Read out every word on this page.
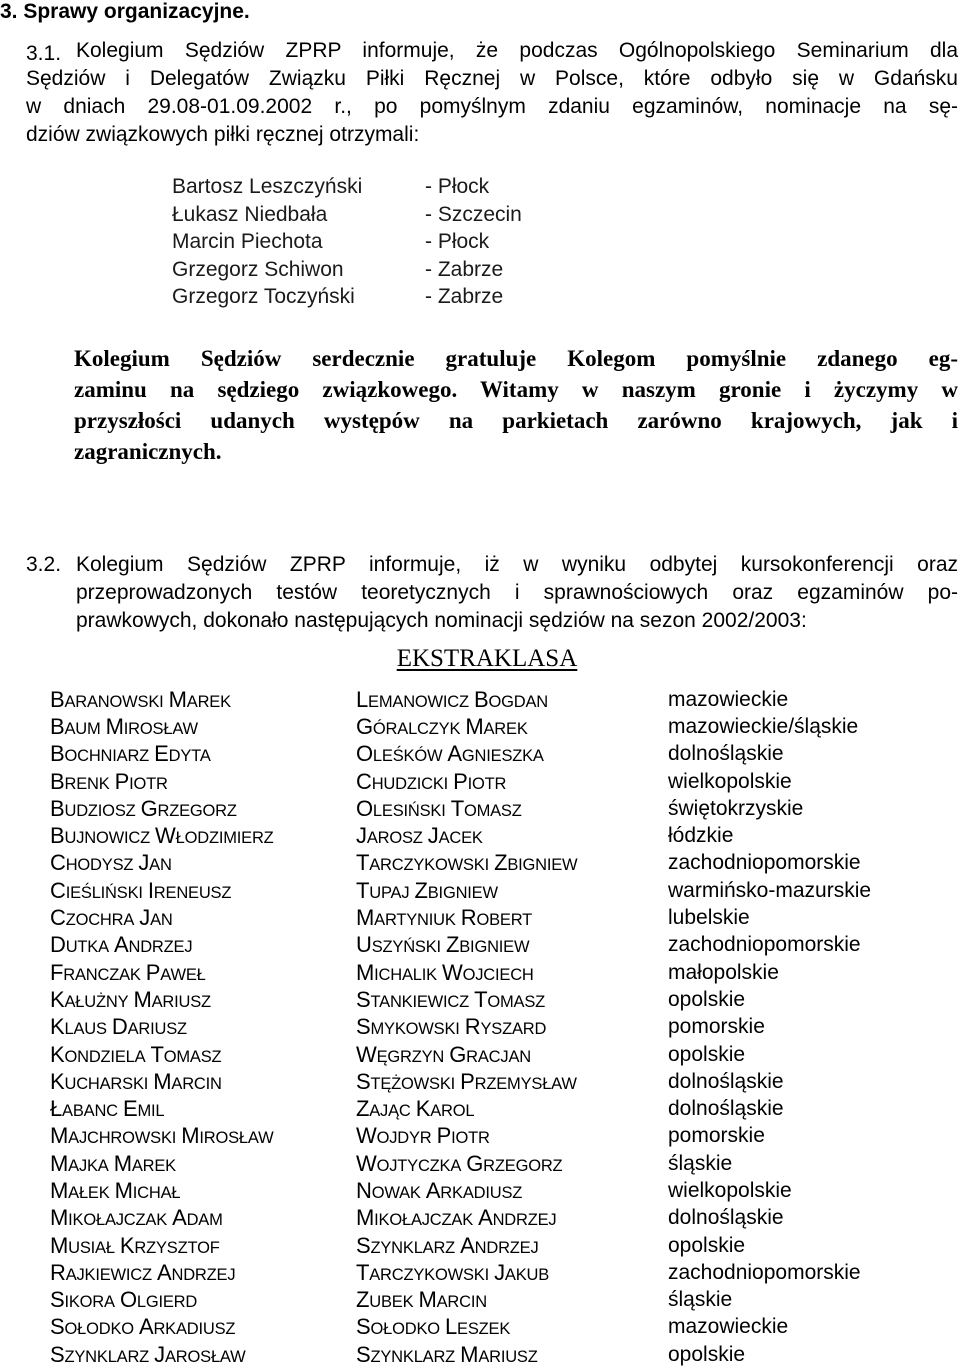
3. Sprawy organizacyjne.
3.1. Kolegium Sędziów ZPRP informuje, że podczas Ogólnopolskiego Seminarium dla
Sędziów i Delegatów Związku Piłki Ręcznej w Polsce, które odbyło się w Gdańsku
w dniach 29.08-01.09.2002 r., po pomyślnym zdaniu egzaminów, nominacje na sę-
dziów związkowych piłki ręcznej otrzymali:
Bartosz Leszczyński	- Płock
Łukasz Niedbała	- Szczecin
Marcin Piechota	- Płock
Grzegorz Schiwon	- Zabrze
Grzegorz Toczyński	- Zabrze
Kolegium Sędziów serdecznie gratuluje Kolegom pomyślnie zdanego eg-
zaminu na sędziego związkowego. Witamy w naszym gronie i życzymy w
przyszłości udanych występów na parkietach zarówno krajowych, jak i
zagranicznych.
3.2. Kolegium Sędziów ZPRP informuje, iż w wyniku odbytej kursokonferencji oraz
przeprowadzonych testów teoretycznych i sprawnościowych oraz egzaminów po-
prawkowych, dokonało następujących nominacji sędziów na sezon 2002/2003:
EKSTRAKLASA
BARANOWSKI MAREK	LEMANOWICZ BOGDAN	mazowieckie
BAUM MIROSŁAW	GÓRALCZYK MAREK	mazowieckie/śląskie
BOCHNIARZ EDYTA	OLEŚKÓW AGNIESZKA	dolnośląskie
BRENK PIOTR	CHUDZICKI PIOTR	wielkopolskie
BUDZIOSZ GRZEGORZ	OLESIŃSKI TOMASZ	świętokrzyskie
BUJNOWICZ WŁODZIMIERZ	JAROSZ JACEK	łódzkie
CHODYSZ JAN	TARCZYKOWSKI ZBIGNIEW	zachodniopomorskie
CIEŚLIŃSKI IRENEUSZ	TUPAJ ZBIGNIEW	warmińsko-mazurskie
CZOCHRA JAN	MARTYNIUK ROBERT	lubelskie
DUTKA ANDRZEJ	USZYŃSKI ZBIGNIEW	zachodniopomorskie
FRANCZAK PAWEŁ	MICHALIK WOJCIECH	małopolskie
KAŁUŻNY MARIUSZ	STANKIEWICZ TOMASZ	opolskie
KLAUS DARIUSZ	SMYKOWSKI RYSZARD	pomorskie
KONDZIELA TOMASZ	WĘGRZYN GRACJAN	opolskie
KUCHARSKI MARCIN	STĘŻOWSKI PRZEMYSŁAW	dolnośląskie
ŁABANC EMIL	ZAJĄC KAROL	dolnośląskie
MAJCHROWSKI MIROSŁAW	WOJDYR PIOTR	pomorskie
MAJKA MAREK	WOJTYCZKA GRZEGORZ	śląskie
MAŁEK MICHAŁ	NOWAK ARKADIUSZ	wielkopolskie
MIKOŁAJCZAK ADAM	MIKOŁAJCZAK ANDRZEJ	dolnośląskie
MUSIAŁ KRZYSZTOF	SZYNKLARZ ANDRZEJ	opolskie
RAJKIEWICZ ANDRZEJ	TARCZYKOWSKI JAKUB	zachodniopomorskie
SIKORA OLGIERD	ZUBEK MARCIN	śląskie
SOŁODKO ARKADIUSZ	SOŁODKO LESZEK	mazowieckie
SZYNKLARZ JAROSŁAW	SZYNKLARZ MARIUSZ	opolskie
